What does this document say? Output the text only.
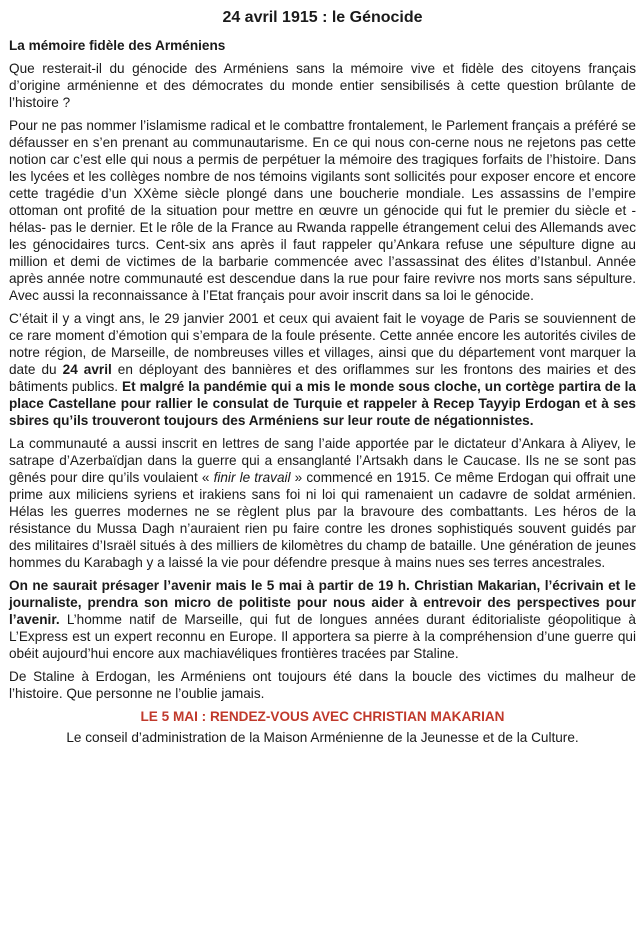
24 avril 1915 : le Génocide
La mémoire fidèle des Arméniens

Que resterait-il du génocide des Arméniens sans la mémoire vive et fidèle des citoyens français d’origine arménienne et des démocrates du monde entier sensibilisés à cette question brûlante de l’histoire ?

Pour ne pas nommer l’islamisme radical et le combattre frontalement, le Parlement français a préféré se défausser en s’en prenant au communautarisme. En ce qui nous con-cerne nous ne rejetons pas cette notion car c’est elle qui nous a permis de perpétuer la mémoire des tragiques forfaits de l’histoire. Dans les lycées et les collèges nombre de nos témoins vigilants sont sollicités pour exposer encore et encore cette tragédie d’un XXème siècle plongé dans une boucherie mondiale. Les assassins de l’empire ottoman ont profité de la situation pour mettre en œuvre un génocide qui fut le premier du siècle et -hélas- pas le dernier. Et le rôle de la France au Rwanda rappelle étrangement celui des Allemands avec les génocidaires turcs. Cent-six ans après il faut rappeler qu’Ankara refuse une sépulture digne au million et demi de victimes de la barbarie commencée avec l’assassinat des élites d’Istanbul. Année après année notre communauté est descendue dans la rue pour faire revivre nos morts sans sépulture. Avec aussi la reconnaissance à l’Etat français pour avoir inscrit dans sa loi le génocide.

C’était il y a vingt ans, le 29 janvier 2001 et ceux qui avaient fait le voyage de Paris se souviennent de ce rare moment d’émotion qui s’empara de la foule présente. Cette année encore les autorités civiles de notre région, de Marseille, de nombreuses villes et villages, ainsi que du département vont marquer la date du 24 avril en déployant des bannières et des oriflammes sur les frontons des mairies et des bâtiments publics. Et malgré la pandémie qui a mis le monde sous cloche, un cortège partira de la place Castellane pour rallier le consulat de Turquie et rappeler à Recep Tayyip Erdogan et à ses sbires qu’ils trouveront toujours des Arméniens sur leur route de négationnistes.

La communauté a aussi inscrit en lettres de sang l’aide apportée par le dictateur d’Ankara à Aliyev, le satrape d’Azerbaïdjan dans la guerre qui a ensanglanté l’Artsakh dans le Caucase. Ils ne se sont pas gênés pour dire qu’ils voulaient « finir le travail » commencé en 1915. Ce même Erdogan qui offrait une prime aux miliciens syriens et irakiens sans foi ni loi qui ramenaient un cadavre de soldat arménien. Hélas les guerres modernes ne se règlent plus par la bravoure des combattants. Les héros de la résistance du Mussa Dagh n’auraient rien pu faire contre les drones sophistiqués souvent guidés par des militaires d’Israël situés à des milliers de kilomètres du champ de bataille. Une génération de jeunes hommes du Karabagh y a laissé la vie pour défendre presque à mains nues ses terres ancestrales.

On ne saurait présager l’avenir mais le 5 mai à partir de 19 h. Christian Makarian, l’écrivain et le journaliste, prendra son micro de politiste pour nous aider à entrevoir des perspectives pour l’avenir. L’homme natif de Marseille, qui fut de longues années durant éditorialiste géopolitique à L’Express est un expert reconnu en Europe. Il apportera sa pierre à la compréhension d’une guerre qui obéit aujourd’hui encore aux machiavéliques frontières tracées par Staline.

De Staline à Erdogan, les Arméniens ont toujours été dans la boucle des victimes du malheur de l’histoire. Que personne ne l’oublie jamais.

LE 5 MAI : RENDEZ-VOUS AVEC CHRISTIAN MAKARIAN
Le conseil d’administration de la Maison Arménienne de la Jeunesse et de la Culture.
